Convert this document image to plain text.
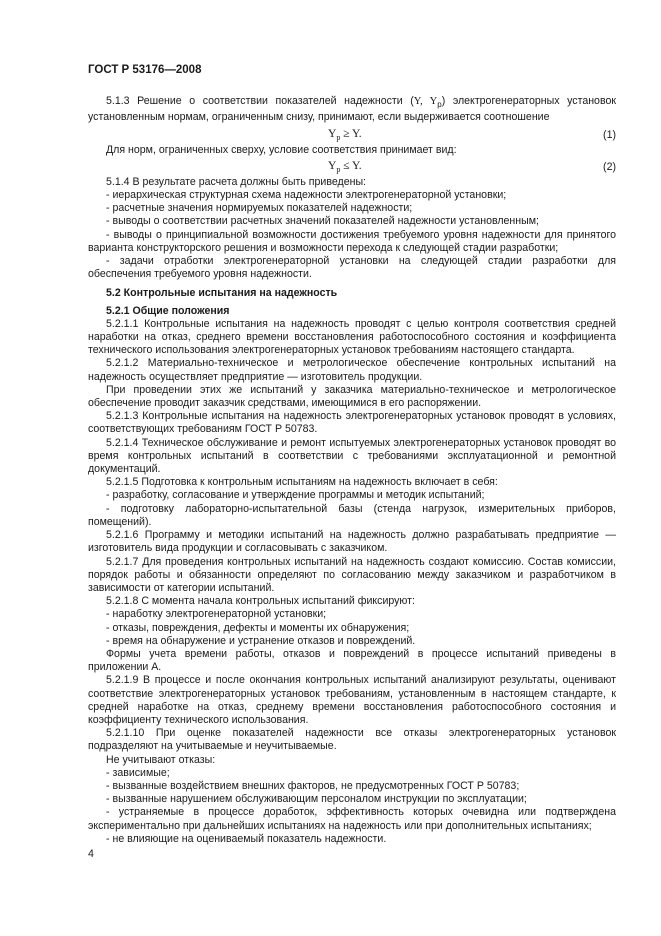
ГОСТ Р 53176—2008

5.1.3 Решение о соответствии показателей надежности (Y, $Y_p$) электрогенераторных установок установленным нормам, ограниченным снизу, принимают, если выдерживается соотношение

$Y_p \ge Y$.	(1)

Для норм, ограниченных сверху, условие соответствия принимает вид:

$Y_p \le Y$.	(2)

5.1.4 В результате расчета должны быть приведены:

- иерархическая структурная схема надежности электрогенераторной установки;

- расчетные значения нормируемых показателей надежности;

- выводы о соответствии расчетных значений показателей надежности установленным;

- выводы о принципиальной возможности достижения требуемого уровня надежности для принятого варианта конструкторского решения и возможности перехода к следующей стадии разработки;

- задачи отработки электрогенераторной установки на следующей стадии разработки для обеспечения требуемого уровня надежности.

5.2 Контрольные испытания на надежность

5.2.1 Общие положения

5.2.1.1 Контрольные испытания на надежность проводят с целью контроля соответствия средней наработки на отказ, среднего времени восстановления работоспособного состояния и коэффициента технического использования электрогенераторных установок требованиям настоящего стандарта.

5.2.1.2 Материально-техническое и метрологическое обеспечение контрольных испытаний на надежность осуществляет предприятие — изготовитель продукции.

При проведении этих же испытаний у заказчика материально-техническое и метрологическое обеспечение проводит заказчик средствами, имеющимися в его распоряжении.

5.2.1.3 Контрольные испытания на надежность электрогенераторных установок проводят в условиях, соответствующих требованиям ГОСТ Р 50783.

5.2.1.4 Техническое обслуживание и ремонт испытуемых электрогенераторных установок проводят во время контрольных испытаний в соответствии с требованиями эксплуатационной и ремонтной документаций.

5.2.1.5 Подготовка к контрольным испытаниям на надежность включает в себя:

- разработку, согласование и утверждение программы и методик испытаний;

- подготовку лабораторно-испытательной базы (стенда нагрузок, измерительных приборов, помещений).

5.2.1.6 Программу и методики испытаний на надежность должно разрабатывать предприятие — изготовитель вида продукции и согласовывать с заказчиком.

5.2.1.7 Для проведения контрольных испытаний на надежность создают комиссию. Состав комиссии, порядок работы и обязанности определяют по согласованию между заказчиком и разработчиком в зависимости от категории испытаний.

5.2.1.8 С момента начала контрольных испытаний фиксируют:

- наработку электрогенераторной установки;

- отказы, повреждения, дефекты и моменты их обнаружения;

- время на обнаружение и устранение отказов и повреждений.

Формы учета времени работы, отказов и повреждений в процессе испытаний приведены в приложении А.

5.2.1.9 В процессе и после окончания контрольных испытаний анализируют результаты, оценивают соответствие электрогенераторных установок требованиям, установленным в настоящем стандарте, к средней наработке на отказ, среднему времени восстановления работоспособного состояния и коэффициенту технического использования.

5.2.1.10 При оценке показателей надежности все отказы электрогенераторных установок подразделяют на учитываемые и неучитываемые.

Не учитывают отказы:

- зависимые;

- вызванные воздействием внешних факторов, не предусмотренных ГОСТ Р 50783;

- вызванные нарушением обслуживающим персоналом инструкции по эксплуатации;

- устраняемые в процессе доработок, эффективность которых очевидна или подтверждена экспериментально при дальнейших испытаниях на надежность или при дополнительных испытаниях;

- не влияющие на оцениваемый показатель надежности.

4
